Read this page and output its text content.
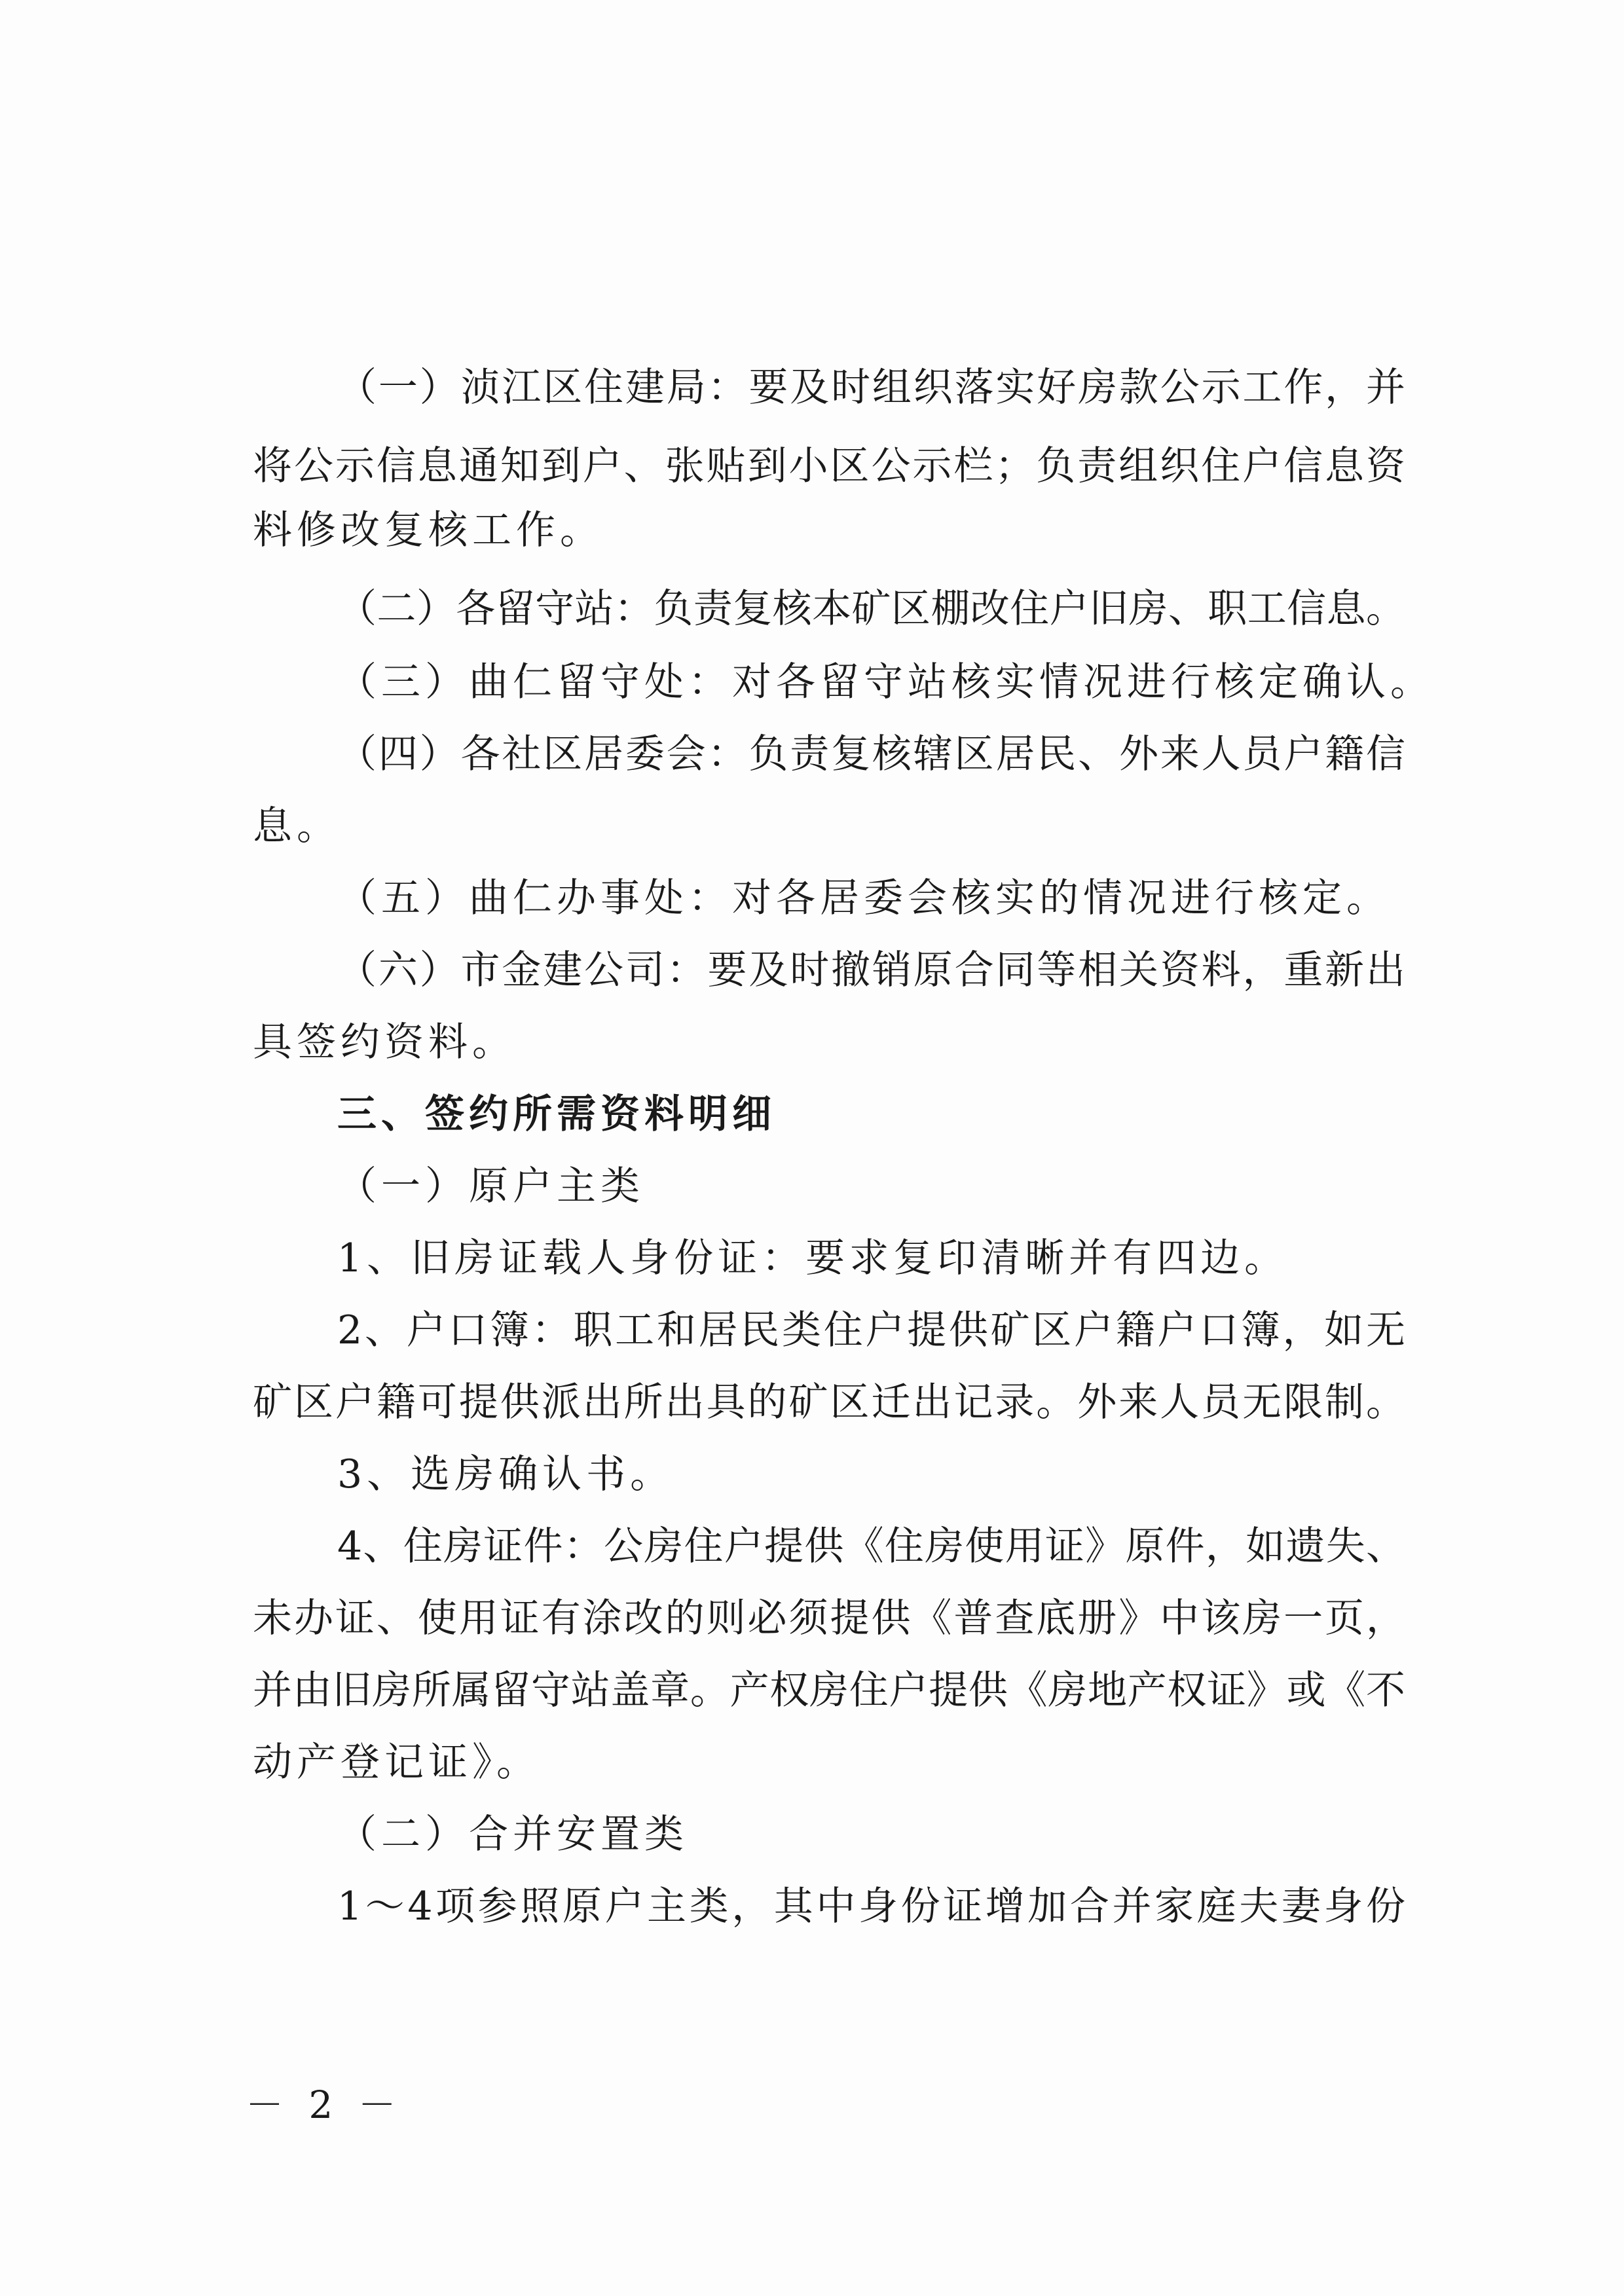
（一）浈江区住建局：要及时组织落实好房款公示工作，并
将公示信息通知到户、张贴到小区公示栏；负责组织住户信息资
料修改复核工作。
（二）各留守站：负责复核本矿区棚改住户旧房、职工信息。
（三）曲仁留守处：对各留守站核实情况进行核定确认。
（四）各社区居委会：负责复核辖区居民、外来人员户籍信
息。
（五）曲仁办事处：对各居委会核实的情况进行核定。
（六）市金建公司：要及时撤销原合同等相关资料，重新出
具签约资料。
三、签约所需资料明细
（一）原户主类
1、旧房证载人身份证：要求复印清晰并有四边。
2、户口簿：职工和居民类住户提供矿区户籍户口簿，如无
矿区户籍可提供派出所出具的矿区迁出记录。外来人员无限制。
3、选房确认书。
4、住房证件：公房住户提供《住房使用证》原件，如遗失、
未办证、使用证有涂改的则必须提供《普查底册》中该房一页，
并由旧房所属留守站盖章。产权房住户提供《房地产权证》或《不
动产登记证》。
（二）合并安置类
1～4项参照原户主类，其中身份证增加合并家庭夫妻身份
－ 2 －
